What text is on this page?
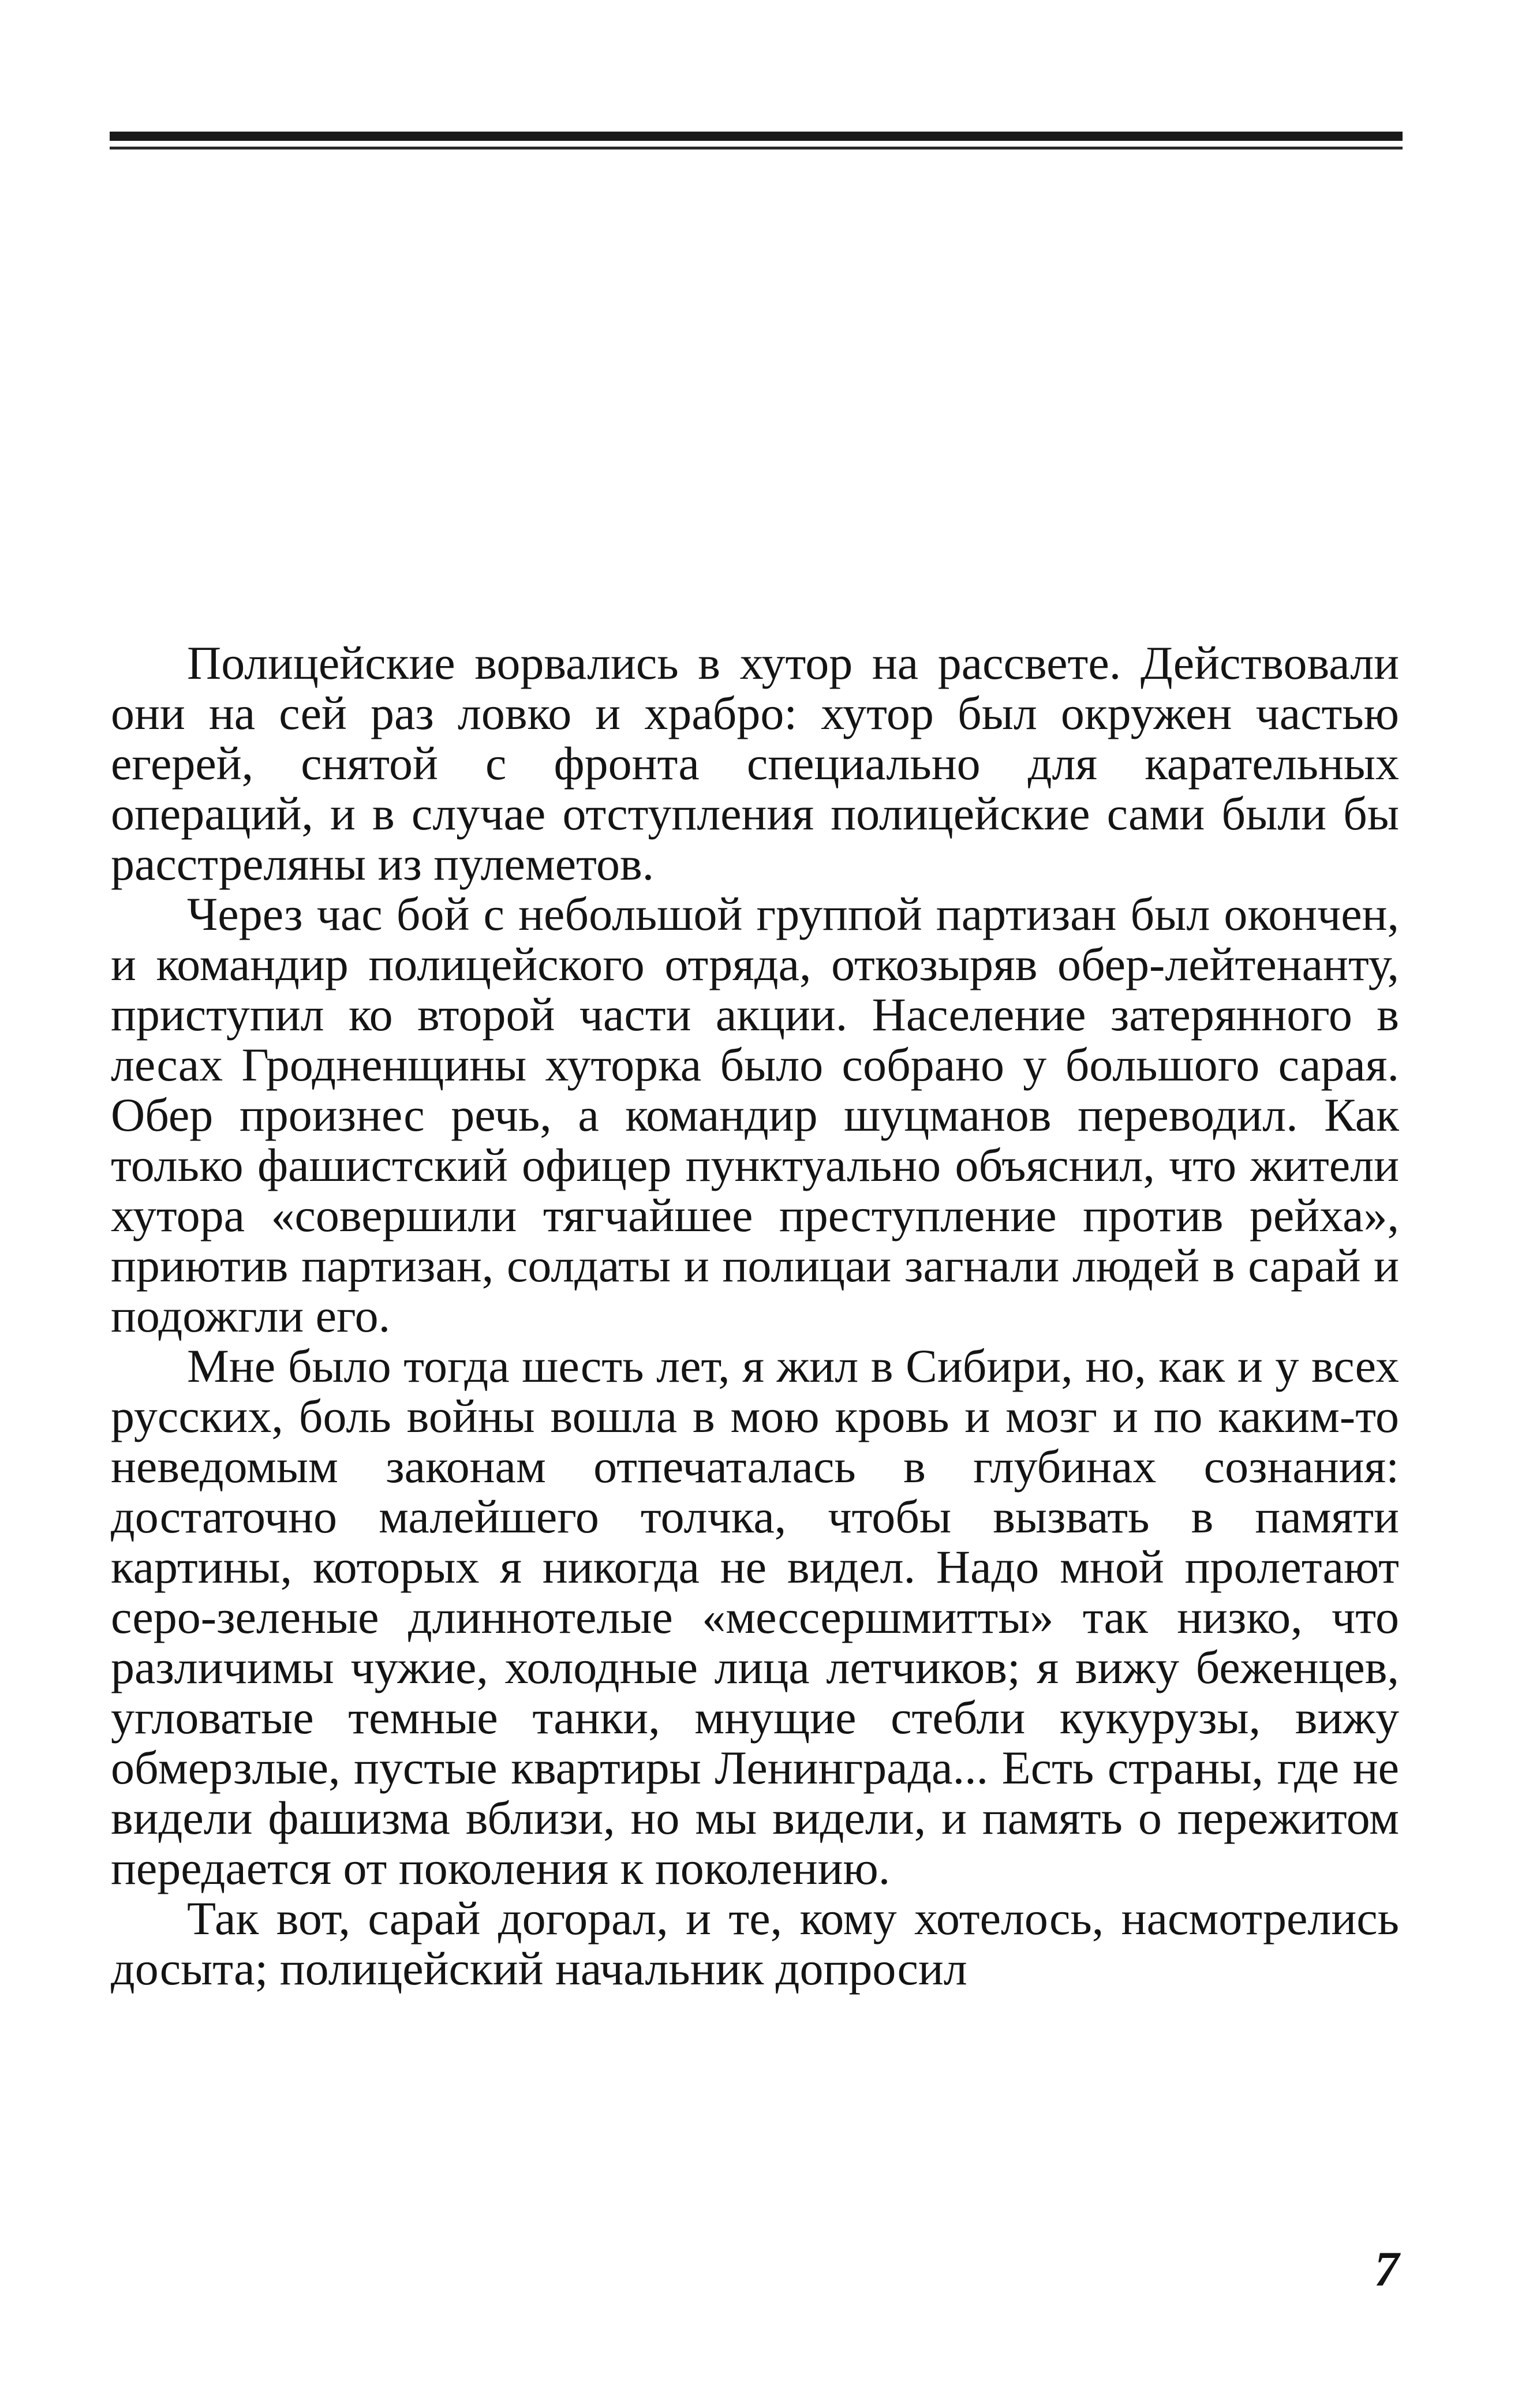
Полицейские ворвались в хутор на рассвете. Действовали они на сей раз ловко и храбро: хутор был окружен частью егерей, снятой с фронта специально для карательных операций, и в случае отступления полицейские сами были бы расстреляны из пулеметов.

Через час бой с небольшой группой партизан был окончен, и командир полицейского отряда, откозыряв обер-лейтенанту, приступил ко второй части акции. Население затерянного в лесах Гродненщины хуторка было собрано у большого сарая. Обер произнес речь, а командир шуцманов переводил. Как только фашистский офицер пунктуально объяснил, что жители хутора «совершили тягчайшее преступление против рейха», приютив партизан, солдаты и полицаи загнали людей в сарай и подожгли его.

Мне было тогда шесть лет, я жил в Сибири, но, как и у всех русских, боль войны вошла в мою кровь и мозг и по каким-то неведомым законам отпечаталась в глубинах сознания: достаточно малейшего толчка, чтобы вызвать в памяти картины, которых я никогда не видел. Надо мной пролетают серо-зеленые длиннотелые «мессершмитты» так низко, что различимы чужие, холодные лица летчиков; я вижу беженцев, угловатые темные танки, мнущие стебли кукурузы, вижу обмерзлые, пустые квартиры Ленинграда... Есть страны, где не видели фашизма вблизи, но мы видели, и память о пережитом передается от поколения к поколению.

Так вот, сарай догорал, и те, кому хотелось, насмотрелись досыта; полицейский начальник допросил

7
